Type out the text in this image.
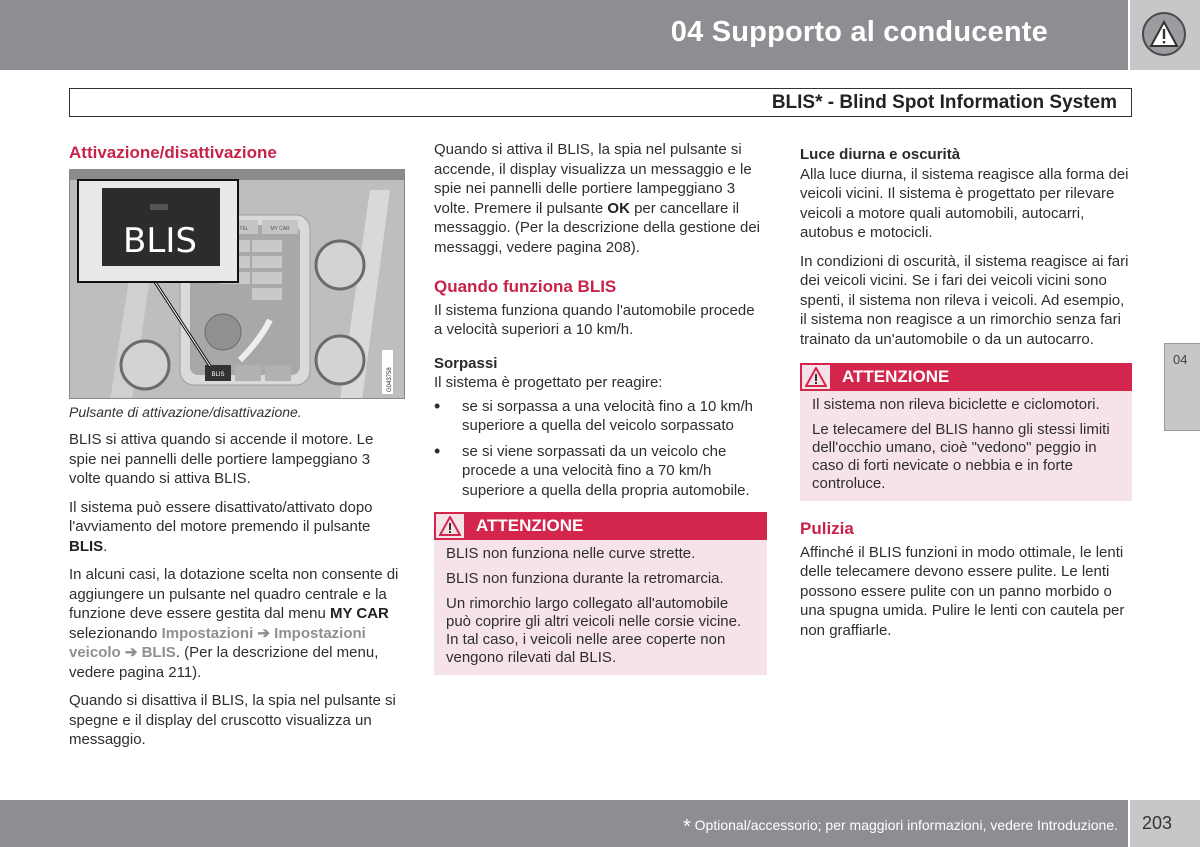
04 Supporto al conducente
BLIS* - Blind Spot Information System
Attivazione/disattivazione
TEL	MY CAR
BLIS
BLIS
G043758
Pulsante di attivazione/disattivazione.

BLIS si attiva quando si accende il motore. Le spie nei pannelli delle portiere lampeggiano 3 volte quando si attiva BLIS.

Il sistema può essere disattivato/attivato dopo l'avviamento del motore premendo il pulsante BLIS.

In alcuni casi, la dotazione scelta non consente di aggiungere un pulsante nel quadro centrale e la funzione deve essere gestita dal menu MY CAR selezionando Impostazioni ➔ Impostazioni veicolo ➔ BLIS. (Per la descrizione del menu, vedere pagina 211).

Quando si disattiva il BLIS, la spia nel pulsante si spegne e il display del cruscotto visualizza un messaggio.

Quando si attiva il BLIS, la spia nel pulsante si accende, il display visualizza un messaggio e le spie nei pannelli delle portiere lampeggiano 3 volte. Premere il pulsante OK per cancellare il messaggio. (Per la descrizione della gestione dei messaggi, vedere pagina 208).

Quando funziona BLIS

Il sistema funziona quando l'automobile procede a velocità superiori a 10 km/h.

Sorpassi

Il sistema è progettato per reagire:

• se si sorpassa a una velocità fino a 10 km/h superiore a quella del veicolo sorpassato
• se si viene sorpassati da un veicolo che procede a una velocità fino a 70 km/h superiore a quella della propria automobile.
ATTENZIONE

BLIS non funziona nelle curve strette.

BLIS non funziona durante la retromarcia.

Un rimorchio largo collegato all'automobile può coprire gli altri veicoli nelle corsie vicine. In tal caso, i veicoli nelle aree coperte non vengono rilevati dal BLIS.

Luce diurna e oscurità

Alla luce diurna, il sistema reagisce alla forma dei veicoli vicini. Il sistema è progettato per rilevare veicoli a motore quali automobili, autocarri, autobus e motocicli.

In condizioni di oscurità, il sistema reagisce ai fari dei veicoli vicini. Se i fari dei veicoli vicini sono spenti, il sistema non rileva i veicoli. Ad esempio, il sistema non reagisce a un rimorchio senza fari trainato da un'automobile o da un autocarro.

ATTENZIONE

Il sistema non rileva biciclette e ciclomotori.

Le telecamere del BLIS hanno gli stessi limiti dell'occhio umano, cioè "vedono" peggio in caso di forti nevicate o nebbia e in forte controluce.

Pulizia

Affinché il BLIS funzioni in modo ottimale, le lenti delle telecamere devono essere pulite. Le lenti possono essere pulite con un panno morbido o una spugna umida. Pulire le lenti con cautela per non graffiarle.

04
* Optional/accessorio; per maggiori informazioni, vedere Introduzione. 203
